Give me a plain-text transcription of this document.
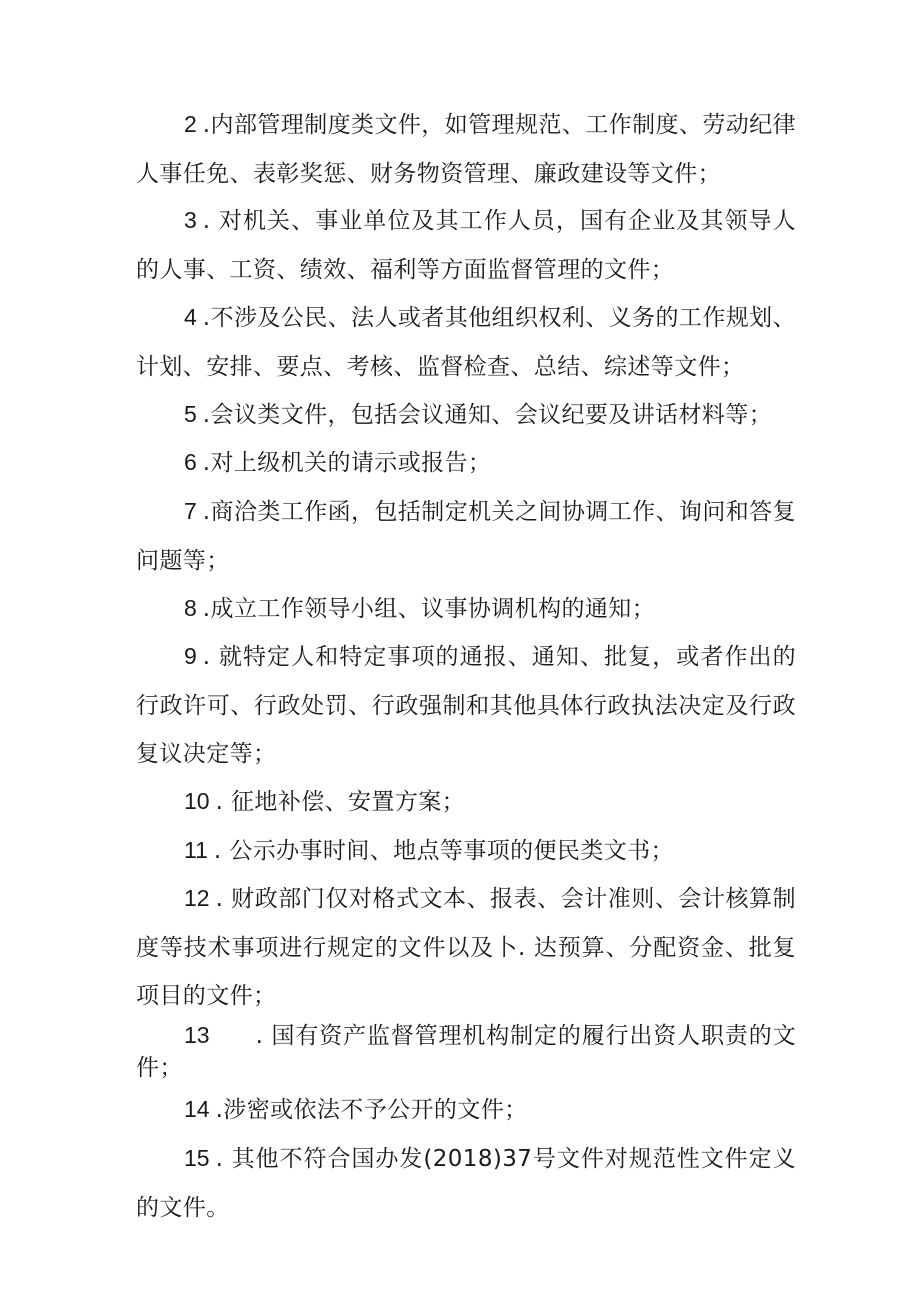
2 .内部管理制度类文件，如管理规范、工作制度、劳动纪律人事任免、表彰奖惩、财务物资管理、廉政建设等文件；

3 . 对机关、事业单位及其工作人员，国有企业及其领导人的人事、工资、绩效、福利等方面监督管理的文件；

4 .不涉及公民、法人或者其他组织权利、义务的工作规划、计划、安排、要点、考核、监督检查、总结、综述等文件；

5 .会议类文件，包括会议通知、会议纪要及讲话材料等；

6 .对上级机关的请示或报告；

7 .商洽类工作函，包括制定机关之间协调工作、询问和答复问题等；

8 .成立工作领导小组、议事协调机构的通知；

9 . 就特定人和特定事项的通报、通知、批复，或者作出的行政许可、行政处罚、行政强制和其他具体行政执法决定及行政复议决定等；

10 . 征地补偿、安置方案；

11 . 公示办事时间、地点等事项的便民类文书；

12 . 财政部门仅对格式文本、报表、会计准则、会计核算制度等技术事项进行规定的文件以及卜. 达预算、分配资金、批复项目的文件；

13 . 国有资产监督管理机构制定的履行出资人职责的文件；

14 .涉密或依法不予公开的文件；

15 . 其他不符合国办发(2018)37号文件对规范性文件定义的文件。
